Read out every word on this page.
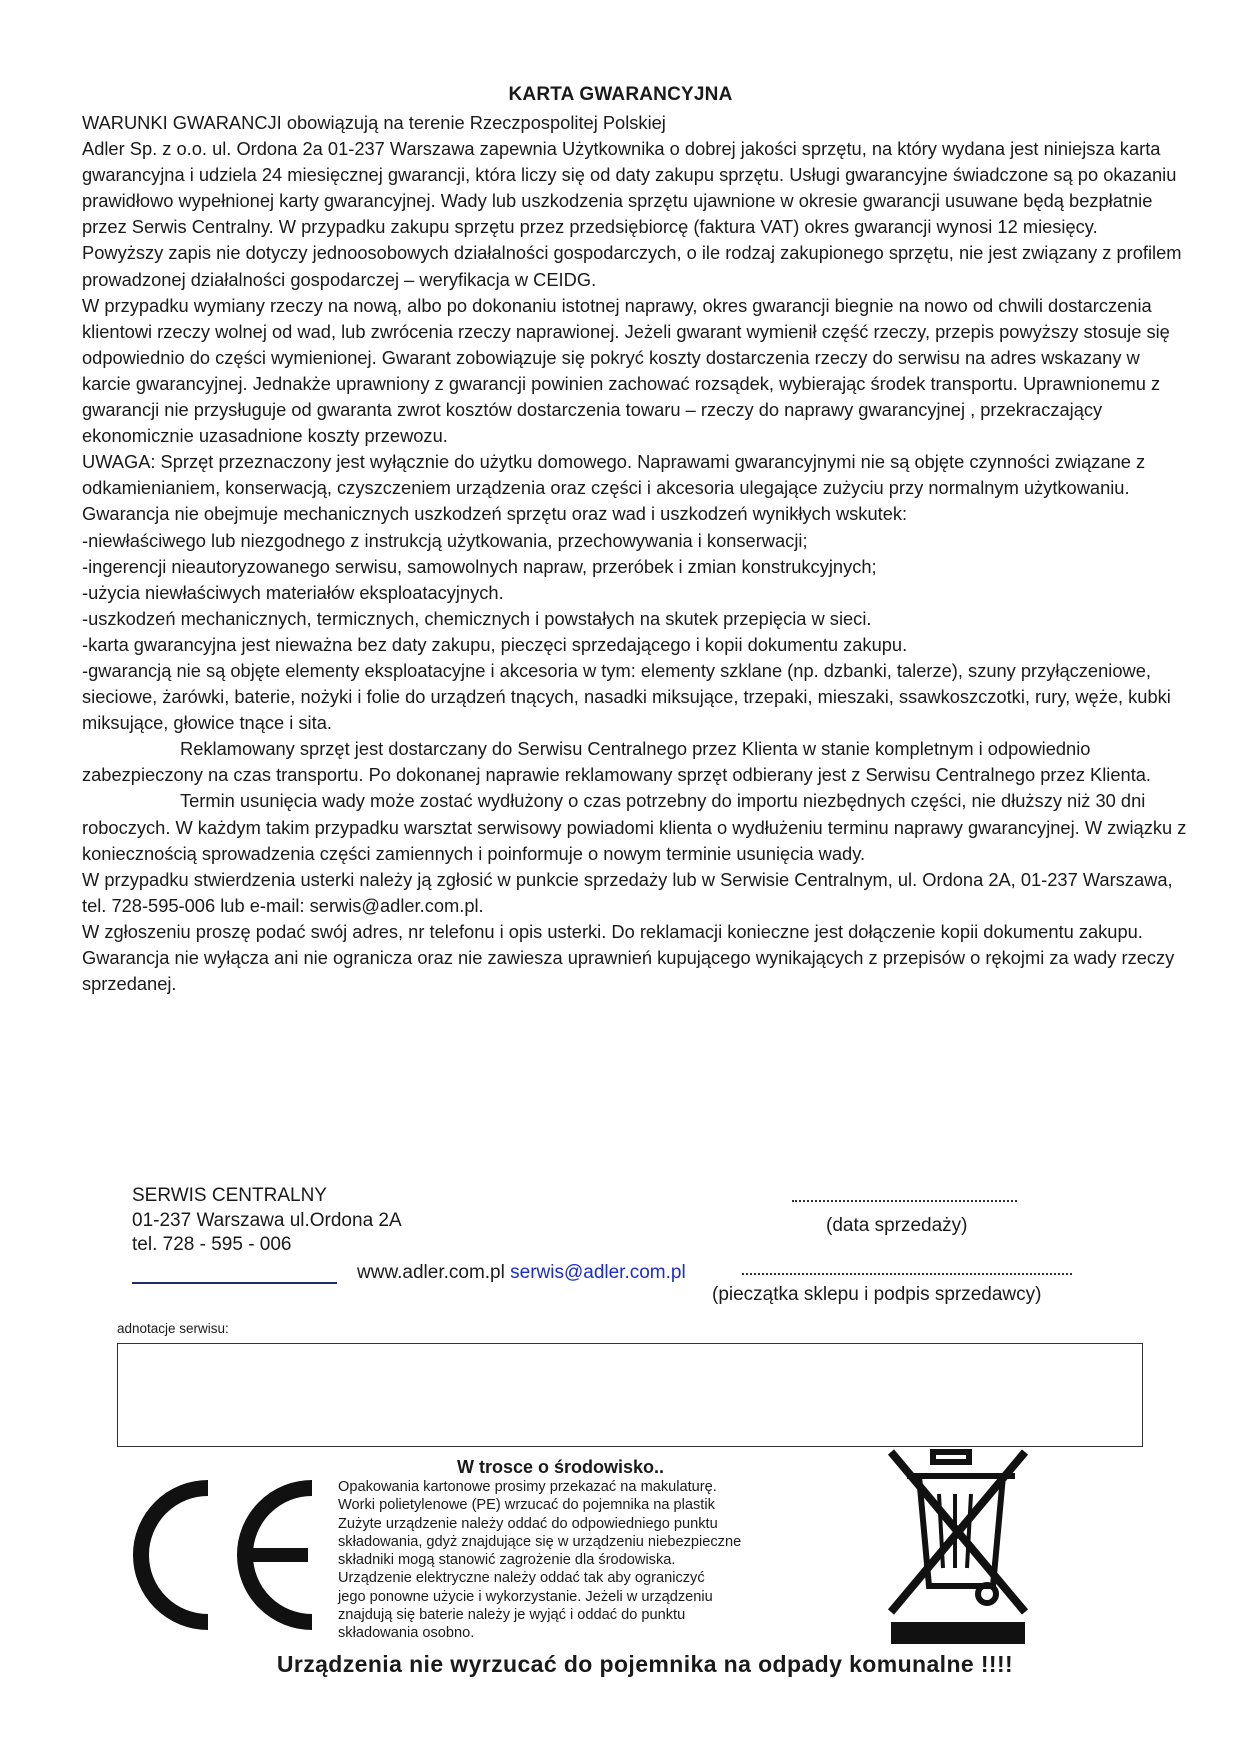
KARTA GWARANCYJNA

WARUNKI GWARANCJI obowiązują na terenie Rzeczpospolitej Polskiej

Adler Sp. z o.o. ul. Ordona 2a 01-237 Warszawa zapewnia Użytkownika o dobrej jakości sprzętu, na który wydana jest niniejsza karta gwarancyjna i udziela 24 miesięcznej gwarancji, która liczy się od daty zakupu sprzętu. Usługi gwarancyjne świadczone są po okazaniu prawidłowo wypełnionej karty gwarancyjnej. Wady lub uszkodzenia sprzętu ujawnione w okresie gwarancji usuwane będą bezpłatnie przez Serwis Centralny. W przypadku zakupu sprzętu przez przedsiębiorcę (faktura VAT) okres gwarancji wynosi 12 miesięcy.

Powyższy zapis nie dotyczy jednoosobowych działalności gospodarczych, o ile rodzaj zakupionego sprzętu, nie jest związany z profilem prowadzonej działalności gospodarczej – weryfikacja w CEIDG.

W przypadku wymiany rzeczy na nową, albo po dokonaniu istotnej naprawy, okres gwarancji biegnie na nowo od chwili dostarczenia klientowi rzeczy wolnej od wad, lub zwrócenia rzeczy naprawionej. Jeżeli gwarant wymienił część rzeczy, przepis powyższy stosuje się odpowiednio do części wymienionej. Gwarant zobowiązuje się pokryć koszty dostarczenia rzeczy do serwisu na adres wskazany w karcie gwarancyjnej. Jednakże uprawniony z gwarancji powinien zachować rozsądek, wybierając środek transportu. Uprawnionemu z gwarancji nie przysługuje od gwaranta zwrot kosztów dostarczenia towaru – rzeczy do naprawy gwarancyjnej , przekraczający ekonomicznie uzasadnione koszty przewozu.

UWAGA: Sprzęt przeznaczony jest wyłącznie do użytku domowego. Naprawami gwarancyjnymi nie są objęte czynności związane z odkamienianiem, konserwacją, czyszczeniem urządzenia oraz części i akcesoria ulegające zużyciu przy normalnym użytkowaniu. Gwarancja nie obejmuje mechanicznych uszkodzeń sprzętu oraz wad i uszkodzeń wynikłych wskutek:

-niewłaściwego lub niezgodnego z instrukcją użytkowania, przechowywania i konserwacji;

-ingerencji nieautoryzowanego serwisu, samowolnych napraw, przeróbek i zmian konstrukcyjnych;

-użycia niewłaściwych materiałów eksploatacyjnych.

-uszkodzeń mechanicznych, termicznych, chemicznych i powstałych na skutek przepięcia w sieci.

-karta gwarancyjna jest nieważna bez daty zakupu, pieczęci sprzedającego i kopii dokumentu zakupu.

-gwarancją nie są objęte elementy eksploatacyjne i akcesoria w tym: elementy szklane (np. dzbanki, talerze), szuny przyłączeniowe, sieciowe, żarówki, baterie, nożyki i folie do urządzeń tnących, nasadki miksujące, trzepaki, mieszaki, ssawkoszczotki, rury, węże, kubki miksujące, głowice tnące i sita.

Reklamowany sprzęt jest dostarczany do Serwisu Centralnego przez Klienta w stanie kompletnym i odpowiednio zabezpieczony na czas transportu. Po dokonanej naprawie reklamowany sprzęt odbierany jest z Serwisu Centralnego przez Klienta.

Termin usunięcia wady może zostać wydłużony o czas potrzebny do importu niezbędnych części, nie dłuższy niż 30 dni roboczych. W każdym takim przypadku warsztat serwisowy powiadomi klienta o wydłużeniu terminu naprawy gwarancyjnej. W związku z koniecznością sprowadzenia części zamiennych i poinformuje o nowym terminie usunięcia wady.

W przypadku stwierdzenia usterki należy ją zgłosić w punkcie sprzedaży lub w Serwisie Centralnym, ul. Ordona 2A, 01-237 Warszawa, tel. 728-595-006 lub e-mail: serwis@adler.com.pl.

W zgłoszeniu proszę podać swój adres, nr telefonu i opis usterki. Do reklamacji konieczne jest dołączenie kopii dokumentu zakupu.

Gwarancja nie wyłącza ani nie ogranicza oraz nie zawiesza uprawnień kupującego wynikających z przepisów o rękojmi za wady rzeczy sprzedanej.

SERWIS CENTRALNY
01-237 Warszawa ul.Ordona 2A
tel. 728 - 595 - 006
www.adler.com.pl serwis@adler.com.pl
(data sprzedaży)
(pieczątka sklepu i podpis sprzedawcy)
adnotacje serwisu:
W trosce o środowisko..

Opakowania kartonowe prosimy przekazać na makulaturę.

Worki polietylenowe (PE) wrzucać do pojemnika na plastik

Zużyte urządzenie należy oddać do odpowiedniego punktu

składowania, gdyż znajdujące się w urządzeniu niebezpieczne

składniki mogą stanowić zagrożenie dla środowiska.

Urządzenie elektryczne należy oddać tak aby ograniczyć

jego ponowne użycie i wykorzystanie. Jeżeli w urządzeniu

znajdują się baterie należy je wyjąć i oddać do punktu

składowania osobno.

Urządzenia nie wyrzucać do pojemnika na odpady komunalne !!!!
